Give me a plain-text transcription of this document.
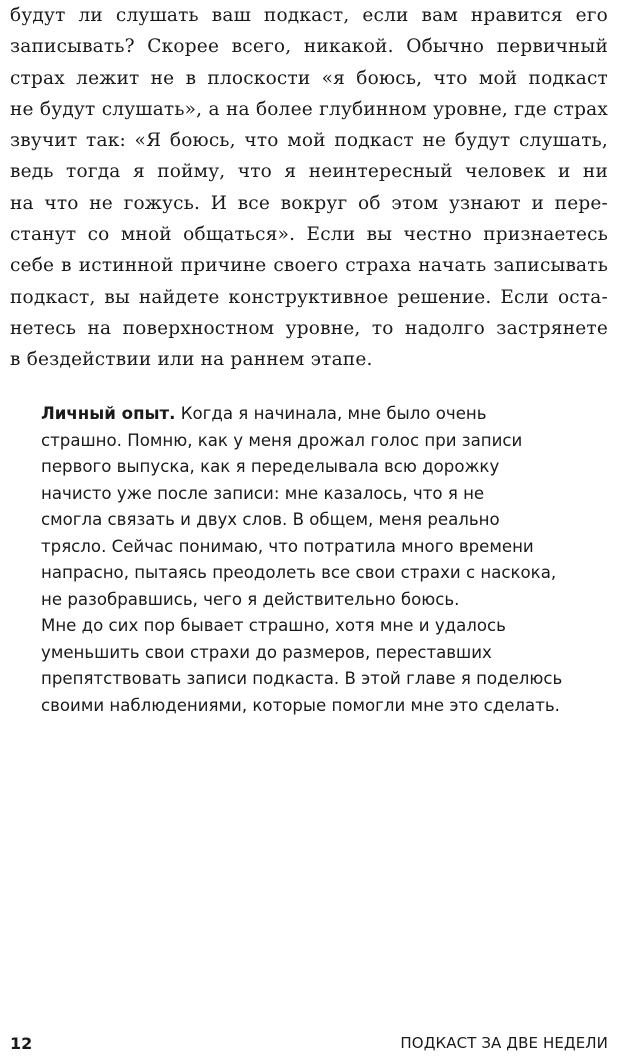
будут ли слушать ваш подкаст, если вам нравится его
записывать? Скорее всего, никакой. Обычно первичный
страх лежит не в плоскости «я боюсь, что мой подкаст
не будут слушать», а на более глубинном уровне, где страх
звучит так: «Я боюсь, что мой подкаст не будут слушать,
ведь тогда я пойму, что я неинтересный человек и ни
на что не гожусь. И все вокруг об этом узнают и пере-
станут со мной общаться». Если вы честно признаетесь
себе в истинной причине своего страха начать записывать
подкаст, вы найдете конструктивное решение. Если оста-
нетесь на поверхностном уровне, то надолго застрянете
в бездействии или на раннем этапе.
Личный опыт. Когда я начинала, мне было очень
страшно. Помню, как у меня дрожал голос при записи
первого выпуска, как я переделывала всю дорожку
начисто уже после записи: мне казалось, что я не
смогла связать и двух слов. В общем, меня реально
трясло. Сейчас понимаю, что потратила много времени
напрасно, пытаясь преодолеть все свои страхи с наскока,
не разобравшись, чего я действительно боюсь.
Мне до сих пор бывает страшно, хотя мне и удалось
уменьшить свои страхи до размеров, переставших
препятствовать записи подкаста. В этой главе я поделюсь
своими наблюдениями, которые помогли мне это сделать.
12	ПОДКАСТ ЗА ДВЕ НЕДЕЛИ
